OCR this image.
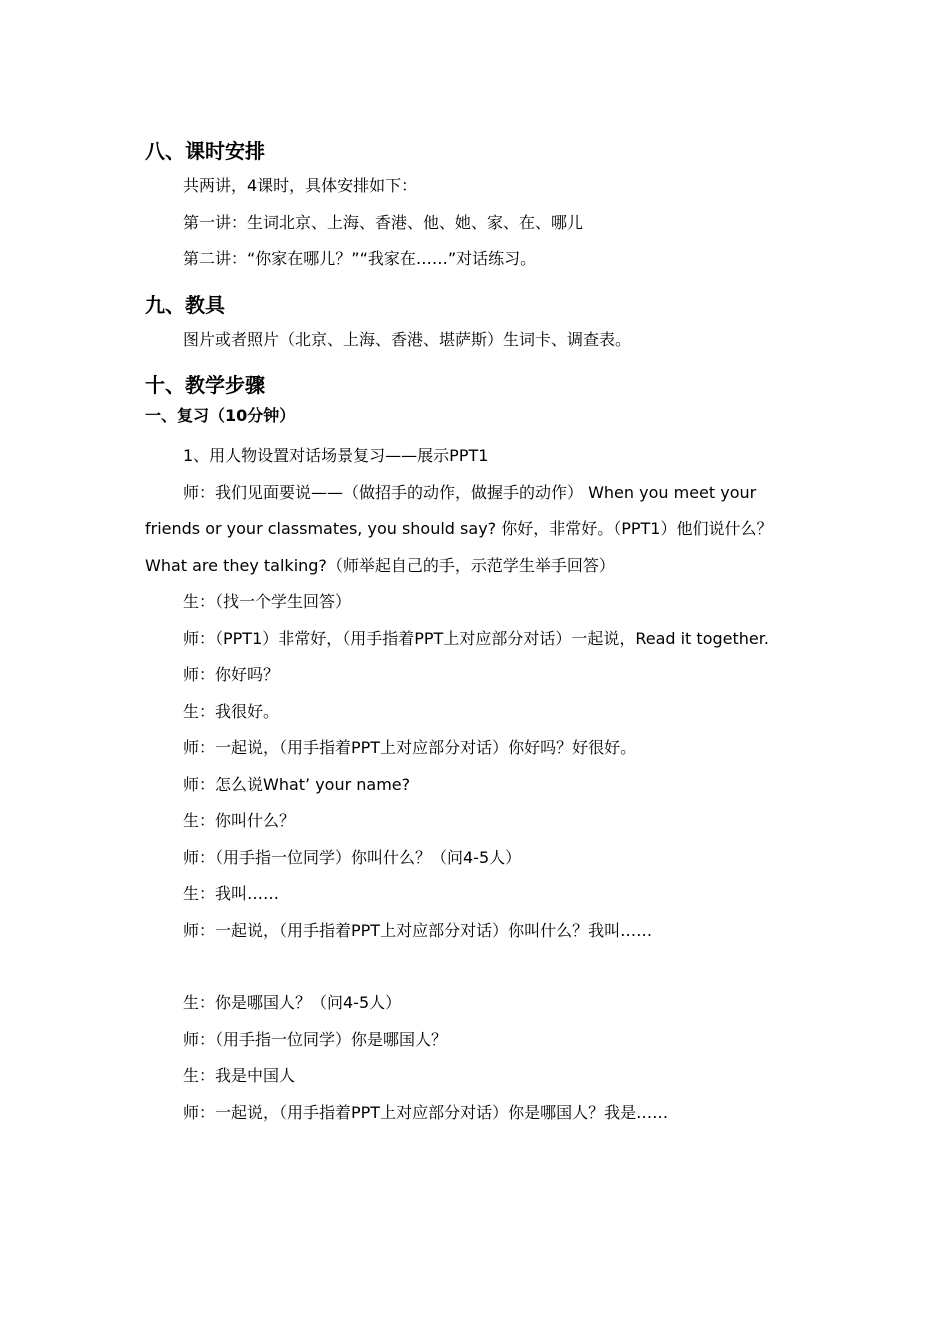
八、课时安排
共两讲，4课时，具体安排如下：
第一讲：生词北京、上海、香港、他、她、家、在、哪儿
第二讲：“你家在哪儿？”“我家在……”对话练习。
九、教具
图片或者照片（北京、上海、香港、堪萨斯）生词卡、调查表。
十、教学步骤
一、复习（10分钟）
1、用人物设置对话场景复习——展示PPT1
师：我们见面要说——（做招手的动作，做握手的动作） When you meet your friends or your classmates, you should say? 你好，非常好。（PPT1）他们说什么？What are they talking?（师举起自己的手，示范学生举手回答）
生：（找一个学生回答）
师：（PPT1）非常好，（用手指着PPT上对应部分对话）一起说，Read it together.
师：你好吗？
生：我很好。
师：一起说，（用手指着PPT上对应部分对话）你好吗？好很好。
师：怎么说What’ your name?
生：你叫什么？
师：（用手指一位同学）你叫什么？（问4-5人）
生：我叫……
师：一起说，（用手指着PPT上对应部分对话）你叫什么？我叫……
生：你是哪国人？（问4-5人）
师：（用手指一位同学）你是哪国人？
生：我是中国人
师：一起说，（用手指着PPT上对应部分对话）你是哪国人？我是……
